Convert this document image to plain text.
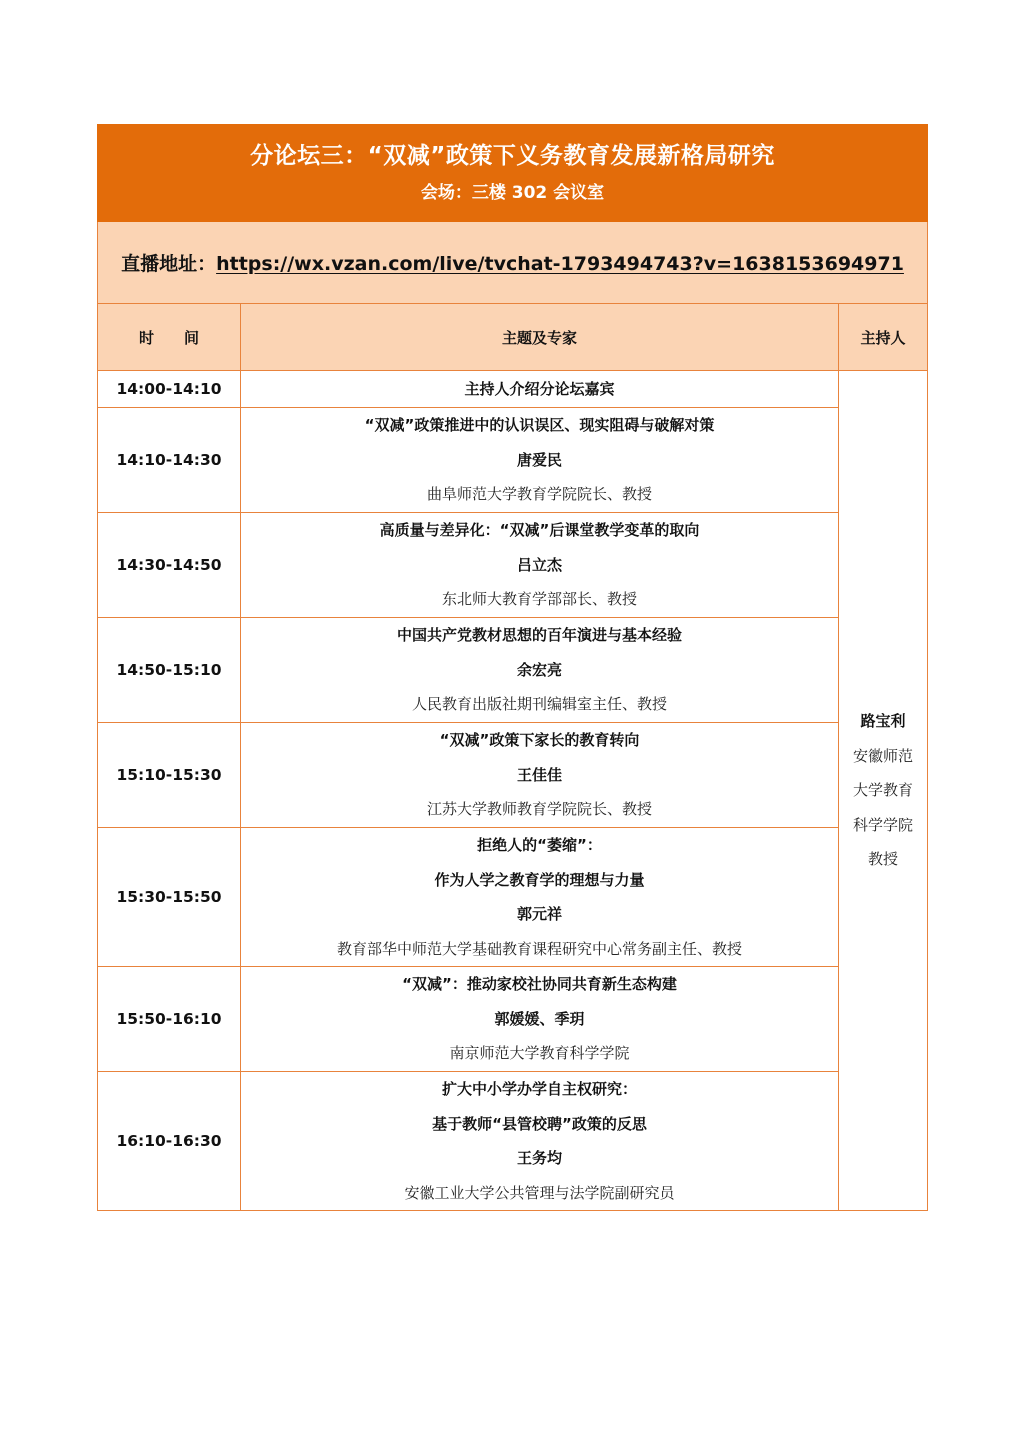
分论坛三：“双减”政策下义务教育发展新格局研究
会场：三楼 302 会议室		

直播地址：https://wx.vzan.com/live/tvchat-1793494743?v=1638153694971		
时　　间	主题及专家	主持人
14:00-14:10	主持人介绍分论坛嘉宾	路宝利
安徽师范
大学教育
科学学院
教授

14:10-14:30	“双减”政策推进中的认识误区、现实阻碍与破解对策
唐爱民
曲阜师范大学教育学院院长、教授	

14:30-14:50	高质量与差异化：“双减”后课堂教学变革的取向
吕立杰
东北师大教育学部部长、教授	

14:50-15:10	中国共产党教材思想的百年演进与基本经验
余宏亮
人民教育出版社期刊编辑室主任、教授	

15:10-15:30	“双减”政策下家长的教育转向
王佳佳
江苏大学教师教育学院院长、教授	

15:30-15:50	拒绝人的“萎缩”：
作为人学之教育学的理想与力量
郭元祥
教育部华中师范大学基础教育课程研究中心常务副主任、教授	

15:50-16:10	“双减”：推动家校社协同共育新生态构建
郭媛媛、季玥
南京师范大学教育科学学院	

16:10-16:30	扩大中小学办学自主权研究：
基于教师“县管校聘”政策的反思
王务均
安徽工业大学公共管理与法学院副研究员	
